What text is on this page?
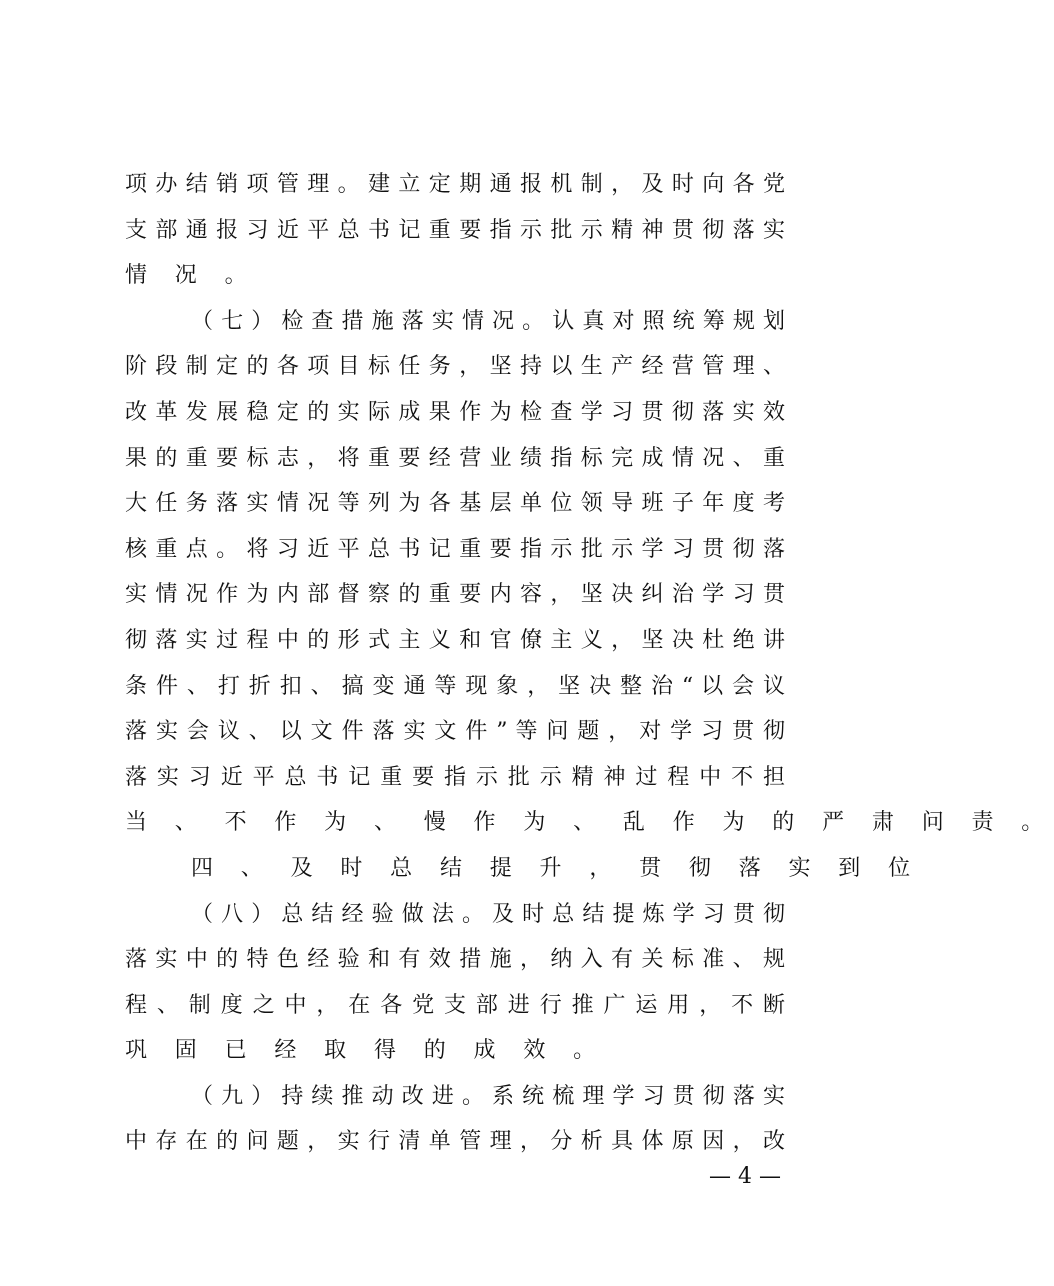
项 办 结 销 项 管 理 。 建 立 定 期 通 报 机 制 ， 及 时 向 各 党
支 部 通 报 习 近 平 总 书 记 重 要 指 示 批 示 精 神 贯 彻 落 实
情 况 。
（ 七 ） 检 查 措 施 落 实 情 况 。 认 真 对 照 统 筹 规 划
阶 段 制 定 的 各 项 目 标 任 务 ， 坚 持 以 生 产 经 营 管 理 、
改 革 发 展 稳 定 的 实 际 成 果 作 为 检 查 学 习 贯 彻 落 实 效
果 的 重 要 标 志 ， 将 重 要 经 营 业 绩 指 标 完 成 情 况 、 重
大 任 务 落 实 情 况 等 列 为 各 基 层 单 位 领 导 班 子 年 度 考
核 重 点 。 将 习 近 平 总 书 记 重 要 指 示 批 示 学 习 贯 彻 落
实 情 况 作 为 内 部 督 察 的 重 要 内 容 ， 坚 决 纠 治 学 习 贯
彻 落 实 过 程 中 的 形 式 主 义 和 官 僚 主 义 ， 坚 决 杜 绝 讲
条 件 、 打 折 扣 、 搞 变 通 等 现 象 ， 坚 决 整 治 “ 以 会 议
落 实 会 议 、 以 文 件 落 实 文 件 ” 等 问 题 ， 对 学 习 贯 彻
落 实 习 近 平 总 书 记 重 要 指 示 批 示 精 神 过 程 中 不 担
当 、 不 作 为 、 慢 作 为 、 乱 作 为 的 严 肃 问 责 。
四 、 及 时 总 结 提 升 ， 贯 彻 落 实 到 位
（ 八 ） 总 结 经 验 做 法 。 及 时 总 结 提 炼 学 习 贯 彻
落 实 中 的 特 色 经 验 和 有 效 措 施 ， 纳 入 有 关 标 准 、 规
程 、 制 度 之 中 ， 在 各 党 支 部 进 行 推 广 运 用 ， 不 断
巩 固 已 经 取 得 的 成 效 。
（ 九 ） 持 续 推 动 改 进 。 系 统 梳 理 学 习 贯 彻 落 实
中 存 在 的 问 题 ， 实 行 清 单 管 理 ， 分 析 具 体 原 因 ， 改
— 4 —
